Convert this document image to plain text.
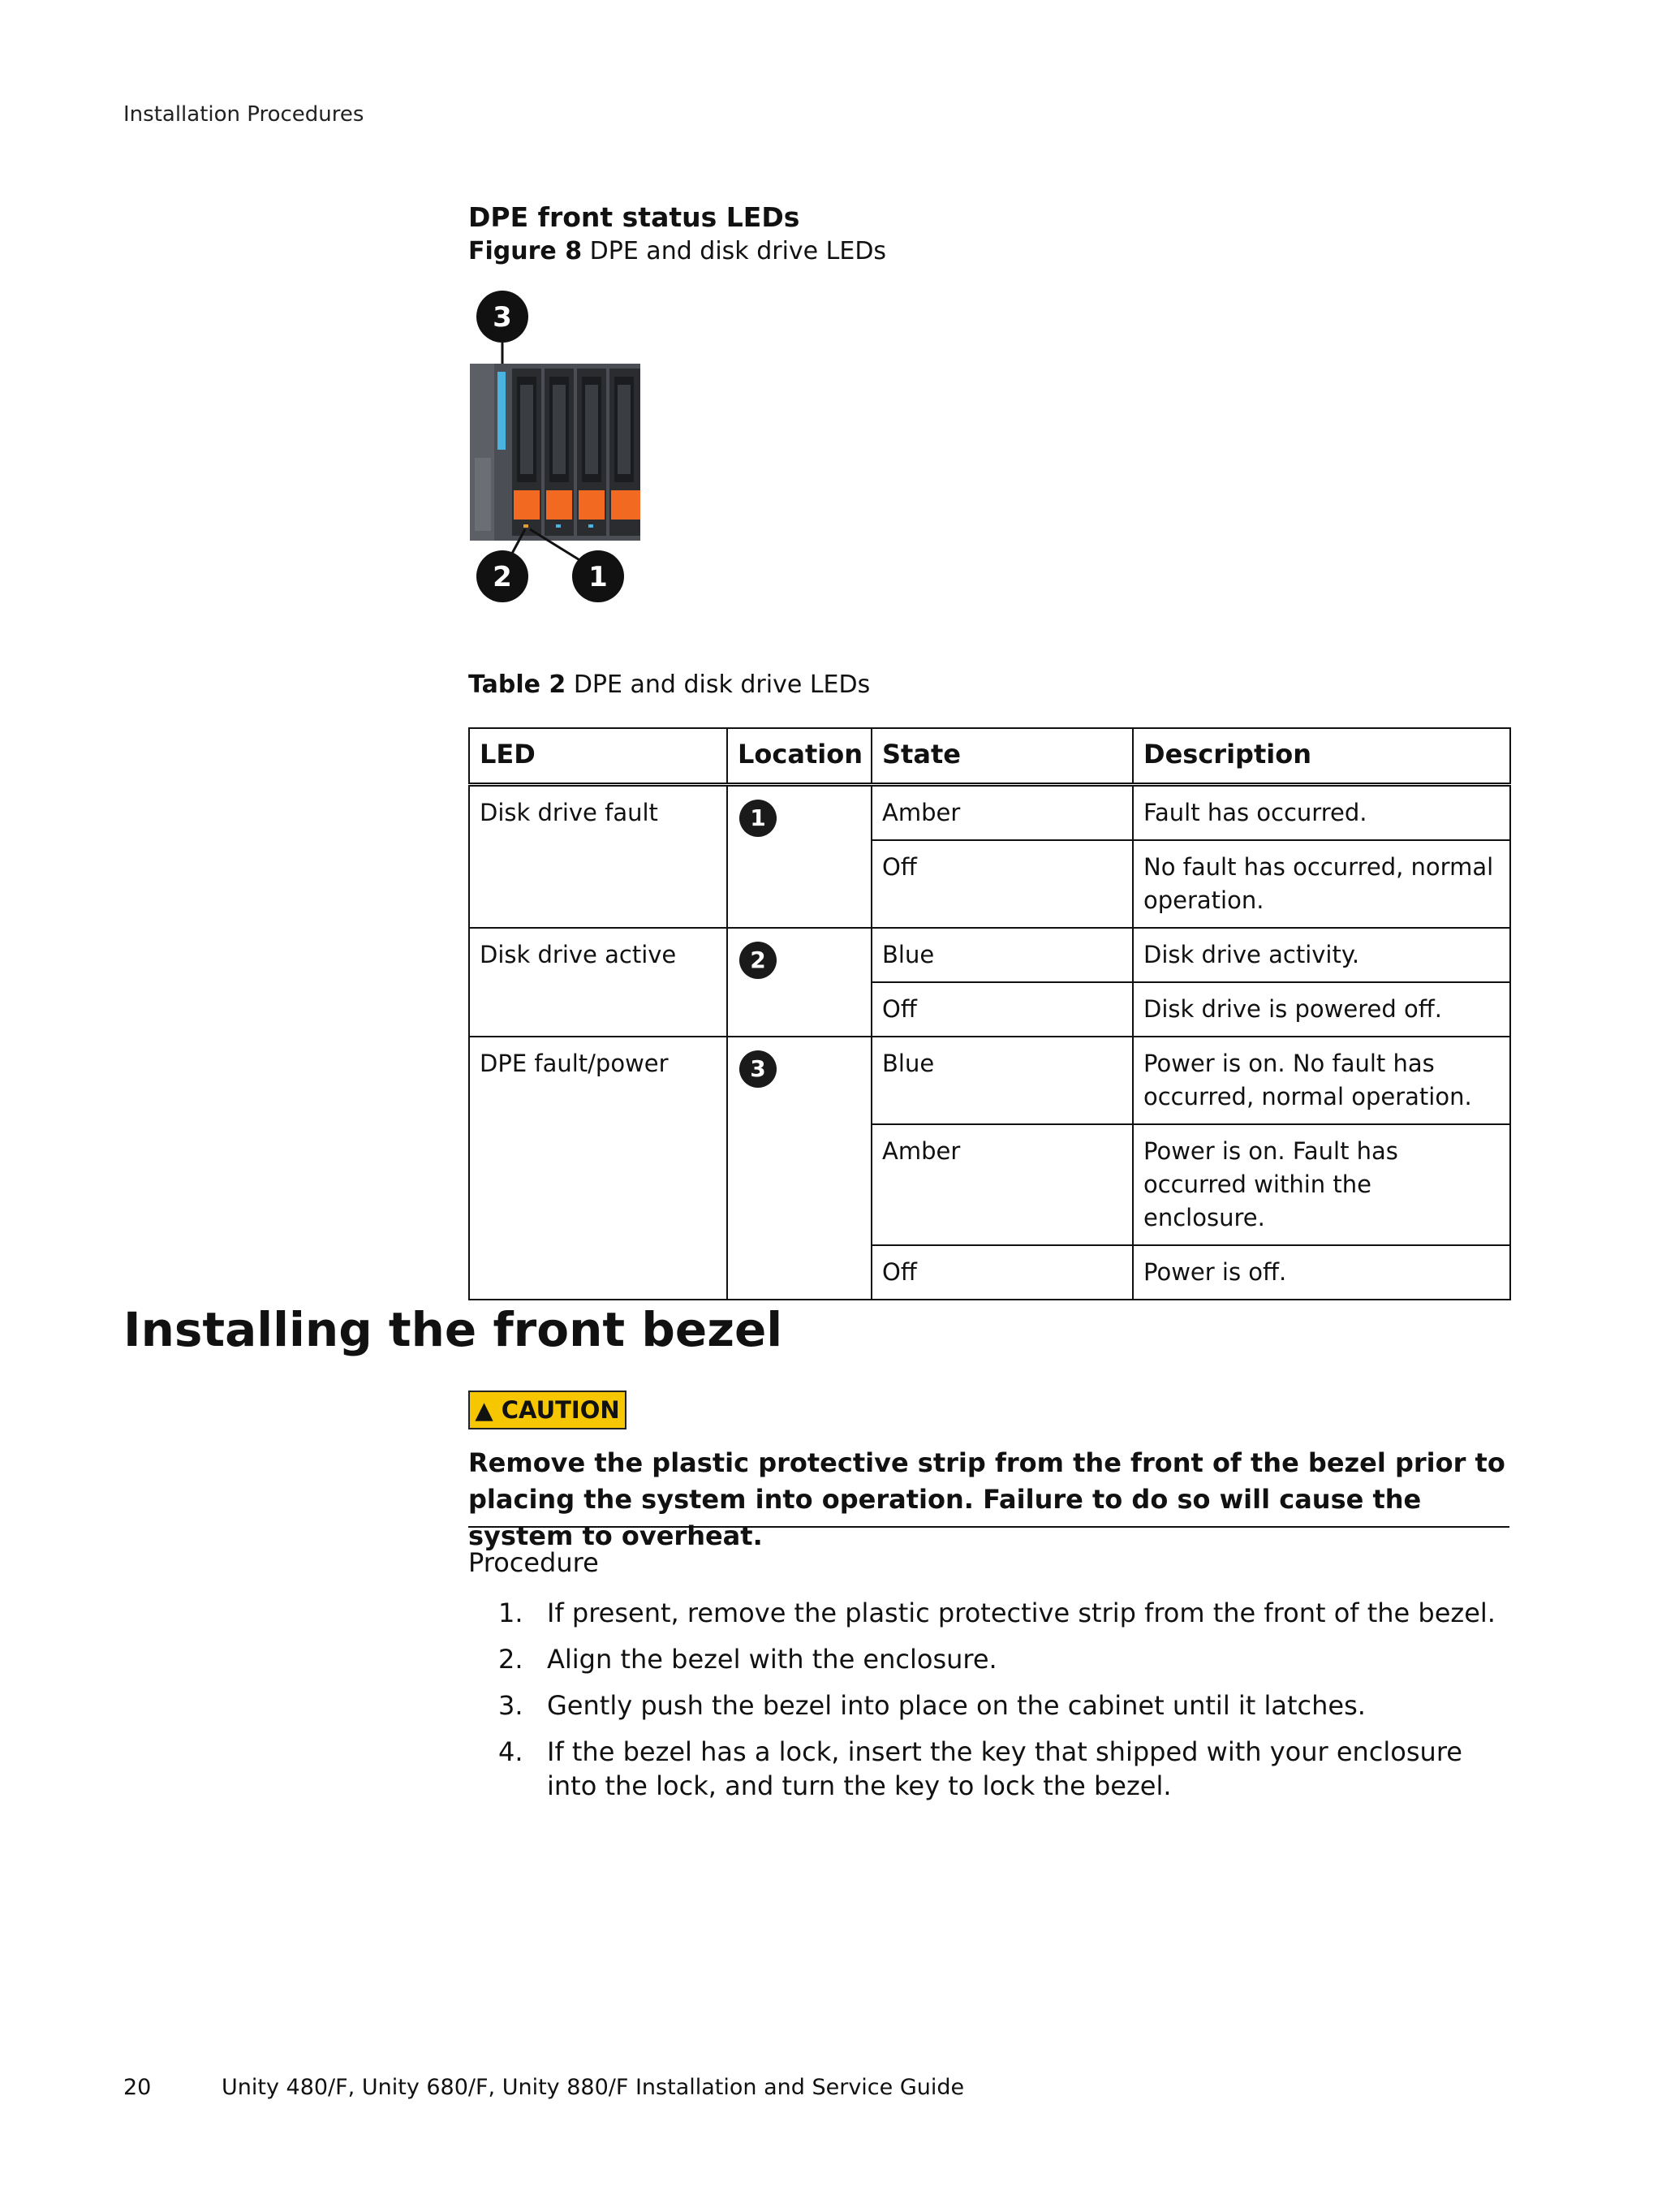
Installation Procedures
DPE front status LEDs
Figure 8 DPE and disk drive LEDs
3
2	1
Table 2 DPE and disk drive LEDs
LED	Location	State	Description
Disk drive fault	1	Amber	Fault has occurred.
		Off	No fault has occurred, normal operation.
Disk drive active	2	Blue	Disk drive activity.
		Off	Disk drive is powered off.
DPE fault/power	3	Blue	Power is on. No fault has occurred, normal operation.
		Amber	Power is on. Fault has occurred within the enclosure.
		Off	Power is off.
Installing the front bezel
▲ CAUTION
Remove the plastic protective strip from the front of the bezel prior to placing the system into operation. Failure to do so will cause the system to overheat.
Procedure
1. If present, remove the plastic protective strip from the front of the bezel.
2. Align the bezel with the enclosure.
3. Gently push the bezel into place on the cabinet until it latches.
4. If the bezel has a lock, insert the key that shipped with your enclosure into the lock, and turn the key to lock the bezel.
20	Unity 480/F, Unity 680/F, Unity 880/F Installation and Service Guide
